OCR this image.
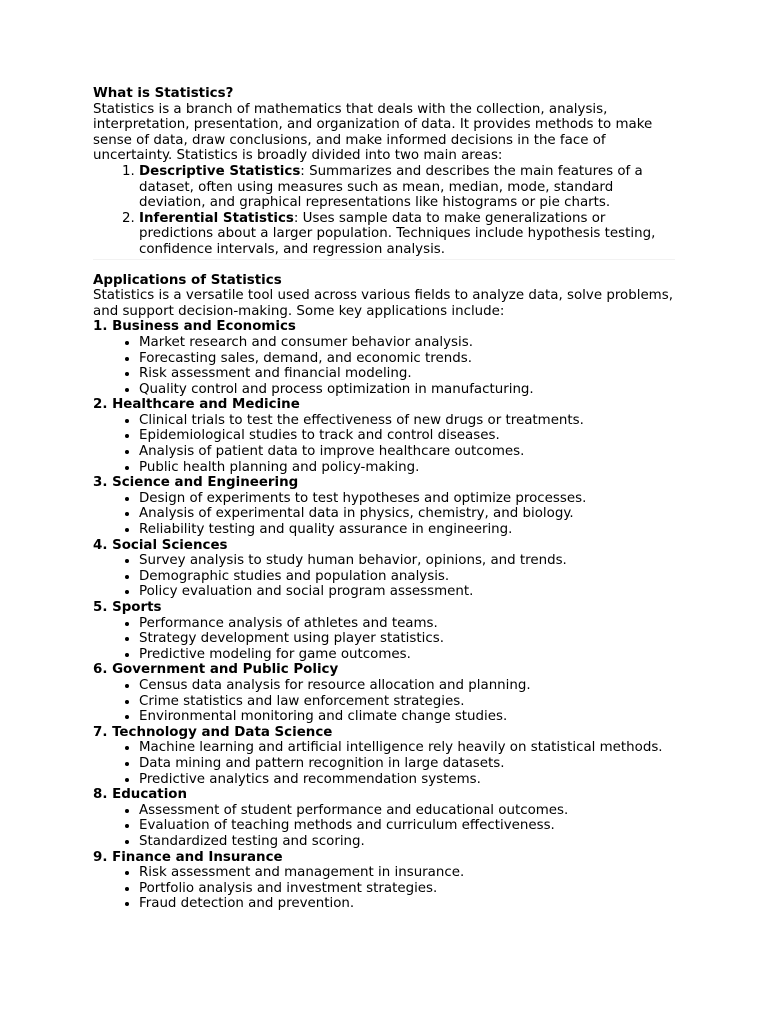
What is Statistics?

Statistics is a branch of mathematics that deals with the collection, analysis, interpretation, presentation, and organization of data. It provides methods to make sense of data, draw conclusions, and make informed decisions in the face of uncertainty. Statistics is broadly divided into two main areas:

1. Descriptive Statistics: Summarizes and describes the main features of a dataset, often using measures such as mean, median, mode, standard deviation, and graphical representations like histograms or pie charts.
2. Inferential Statistics: Uses sample data to make generalizations or predictions about a larger population. Techniques include hypothesis testing, confidence intervals, and regression analysis.
Applications of Statistics

Statistics is a versatile tool used across various fields to analyze data, solve problems, and support decision-making. Some key applications include:

1. Business and Economics
• Market research and consumer behavior analysis.
• Forecasting sales, demand, and economic trends.
• Risk assessment and financial modeling.
• Quality control and process optimization in manufacturing.
2. Healthcare and Medicine
• Clinical trials to test the effectiveness of new drugs or treatments.
• Epidemiological studies to track and control diseases.
• Analysis of patient data to improve healthcare outcomes.
• Public health planning and policy-making.
3. Science and Engineering
• Design of experiments to test hypotheses and optimize processes.
• Analysis of experimental data in physics, chemistry, and biology.
• Reliability testing and quality assurance in engineering.
4. Social Sciences
• Survey analysis to study human behavior, opinions, and trends.
• Demographic studies and population analysis.
• Policy evaluation and social program assessment.
5. Sports
• Performance analysis of athletes and teams.
• Strategy development using player statistics.
• Predictive modeling for game outcomes.
6. Government and Public Policy
• Census data analysis for resource allocation and planning.
• Crime statistics and law enforcement strategies.
• Environmental monitoring and climate change studies.
7. Technology and Data Science
• Machine learning and artificial intelligence rely heavily on statistical methods.
• Data mining and pattern recognition in large datasets.
• Predictive analytics and recommendation systems.
8. Education
• Assessment of student performance and educational outcomes.
• Evaluation of teaching methods and curriculum effectiveness.
• Standardized testing and scoring.
9. Finance and Insurance
• Risk assessment and management in insurance.
• Portfolio analysis and investment strategies.
• Fraud detection and prevention.
